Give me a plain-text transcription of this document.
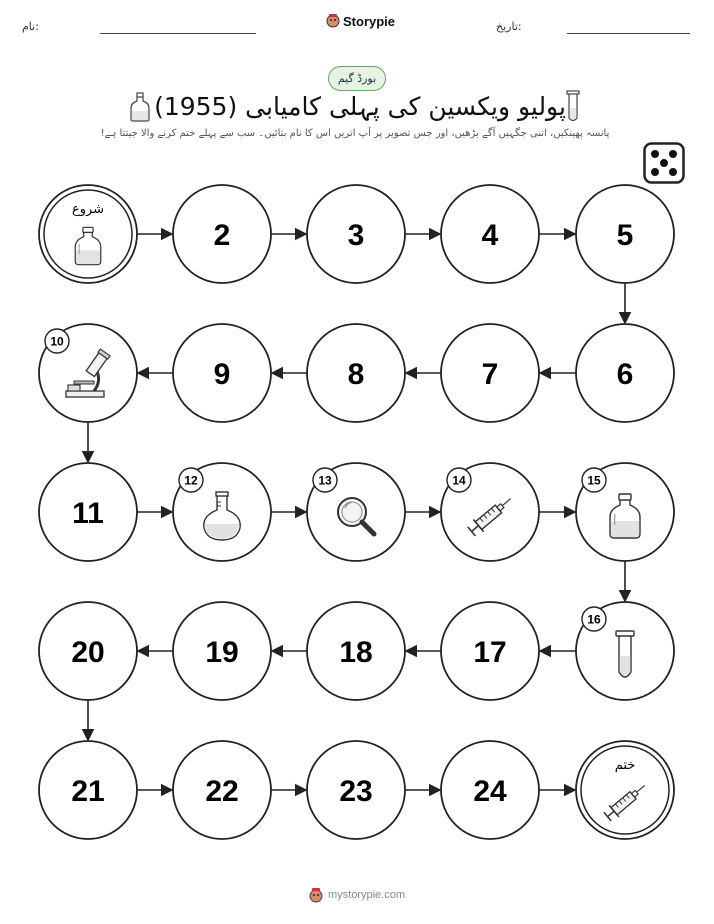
نام:	تاریخ:
Storypie
بورڈ گیم
پولیو ویکسین کی پہلی کامیابی (1955)
پانسہ پھینکیں، اتنی جگہیں آگے بڑھیں، اور جس تصویر پر آپ اتریں اس کا نام بتائیں۔ سب سے پہلے ختم کرنے والا جیتتا ہے!
شروع
2	3	4	5
6
7
8
9
10
11
12	13	14	15
16
17
18
19
20
21	22	23	24
ختم
mystorypie.com
